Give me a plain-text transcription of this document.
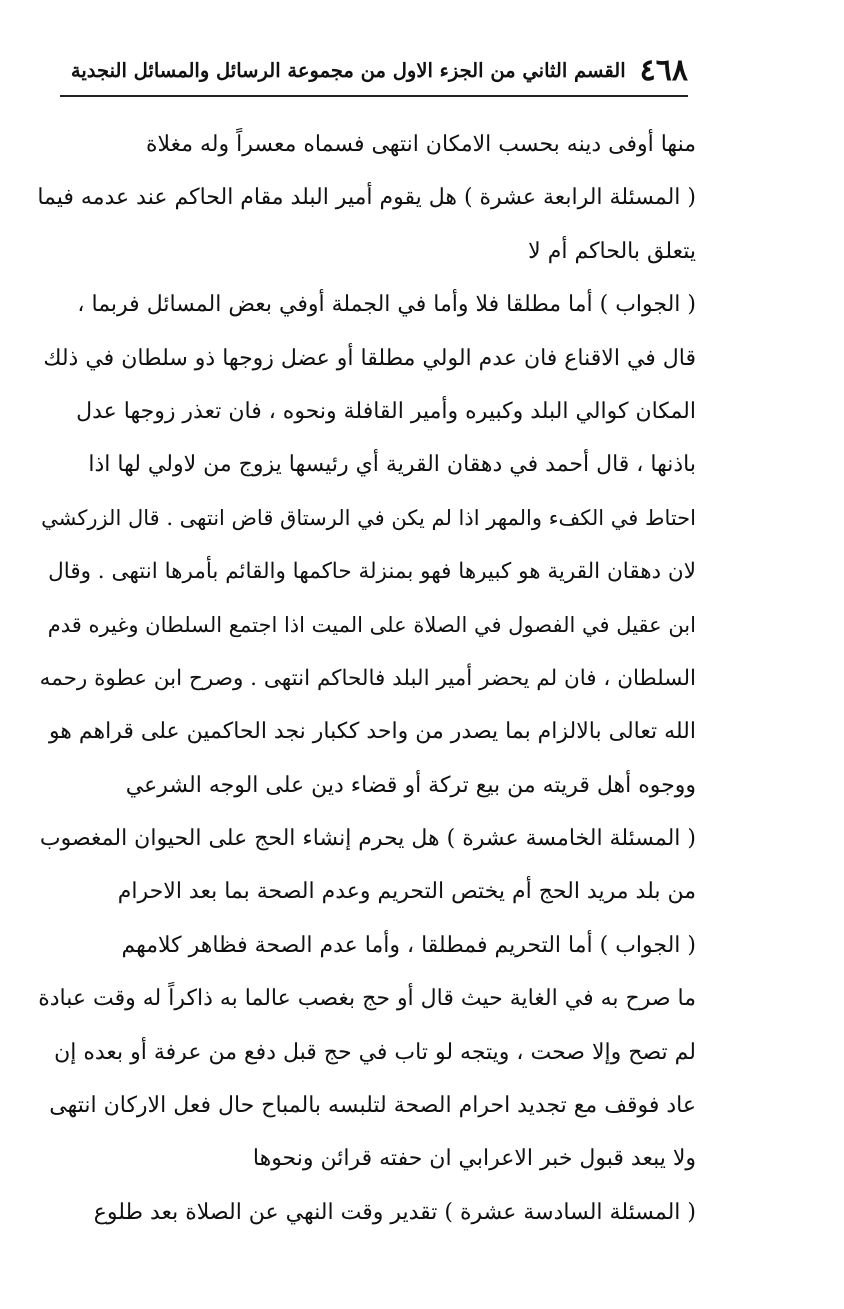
٤٦٨
القسم الثاني من الجزء الاول من مجموعة الرسائل والمسائل النجدية
منها أوفى دينه بحسب الامكان انتهى فسماه معسراً وله مغلاة
( المسئلة الرابعة عشرة ) هل يقوم أمير البلد مقام الحاكم عند عدمه فيما
يتعلق بالحاكم أم لا
( الجواب ) أما مطلقا فلا وأما في الجملة أوفي بعض المسائل فربما ،
قال في الاقناع فان عدم الولي مطلقا أو عضل زوجها ذو سلطان في ذلك
المكان كوالي البلد وكبيره وأمير القافلة ونحوه ، فان تعذر زوجها عدل
باذنها ، قال أحمد في دهقان القرية أي رئيسها يزوج من لاولي لها اذا
احتاط في الكفء والمهر اذا لم يكن في الرستاق قاض انتهى . قال الزركشي
لان دهقان القرية هو كبيرها فهو بمنزلة حاكمها والقائم بأمرها انتهى . وقال
ابن عقيل في الفصول في الصلاة على الميت اذا اجتمع السلطان وغيره قدم
السلطان ، فان لم يحضر أمير البلد فالحاكم انتهى . وصرح ابن عطوة رحمه
الله تعالى بالالزام بما يصدر من واحد ككبار نجد الحاكمين على قراهم هو
ووجوه أهل قريته من بيع تركة أو قضاء دين على الوجه الشرعي
( المسئلة الخامسة عشرة ) هل يحرم إنشاء الحج على الحيوان المغصوب
من بلد مريد الحج أم يختص التحريم وعدم الصحة بما بعد الاحرام
( الجواب ) أما التحريم فمطلقا ، وأما عدم الصحة فظاهر كلامهم
ما صرح به في الغاية حيث قال أو حج بغصب عالما به ذاكراً له وقت عبادة
لم تصح وإلا صحت ، ويتجه لو تاب في حج قبل دفع من عرفة أو بعده إن
عاد فوقف مع تجديد احرام الصحة لتلبسه بالمباح حال فعل الاركان انتهى
ولا يبعد قبول خبر الاعرابي ان حفته قرائن ونحوها
( المسئلة السادسة عشرة ) تقدير وقت النهي عن الصلاة بعد طلوع
